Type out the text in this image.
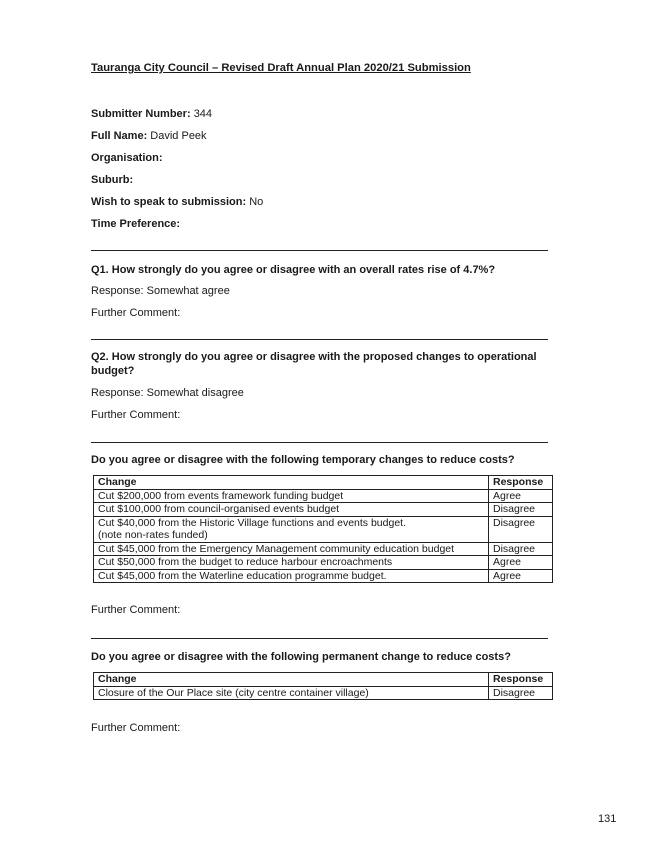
Tauranga City Council – Revised Draft Annual Plan 2020/21 Submission
Submitter Number: 344
Full Name: David Peek
Organisation:
Suburb:
Wish to speak to submission: No
Time Preference:
Q1. How strongly do you agree or disagree with an overall rates rise of 4.7%?
Response: Somewhat agree
Further Comment:
Q2. How strongly do you agree or disagree with the proposed changes to operational budget?
Response: Somewhat disagree
Further Comment:
Do you agree or disagree with the following temporary changes to reduce costs?
Change	Response
Cut $200,000 from events framework funding budget	Agree
Cut $100,000 from council-organised events budget	Disagree

Cut $40,000 from the Historic Village functions and events budget.
(note non-rates funded)	Disagree
Cut $45,000 from the Emergency Management community education budget	Disagree
Cut $50,000 from the budget to reduce harbour encroachments	Agree
Cut $45,000 from the Waterline education programme budget.	Agree
Further Comment:
Do you agree or disagree with the following permanent change to reduce costs?
Change	Response
Closure of the Our Place site (city centre container village)	Disagree
Further Comment:
131
